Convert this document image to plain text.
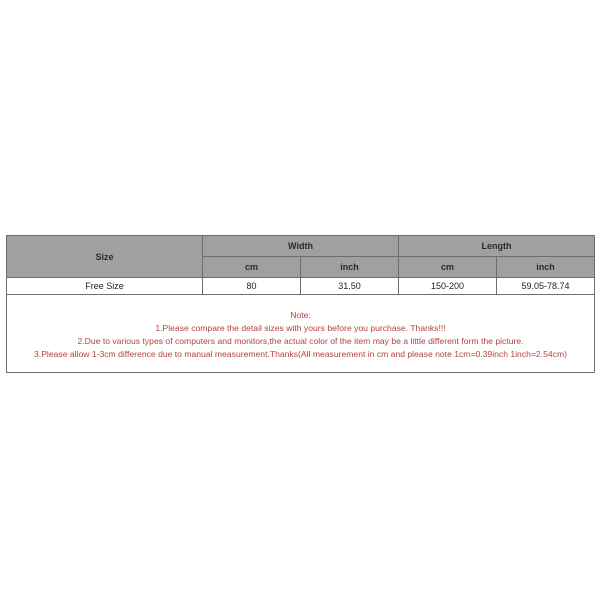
Size	Width		Length	
	cm	inch	cm	inch
Free Size	80	31.50	150-200	59.05-78.74

Note:
1.Please compare the detail sizes with yours before you purchase. Thanks!!!
2.Due to various types of computers and monitors,the actual color of the item may be a little different form the picture.
3.Please allow 1-3cm difference due to manual measurement.Thanks(All measurement in cm and please note 1cm=0.39inch 1inch=2.54cm)				
